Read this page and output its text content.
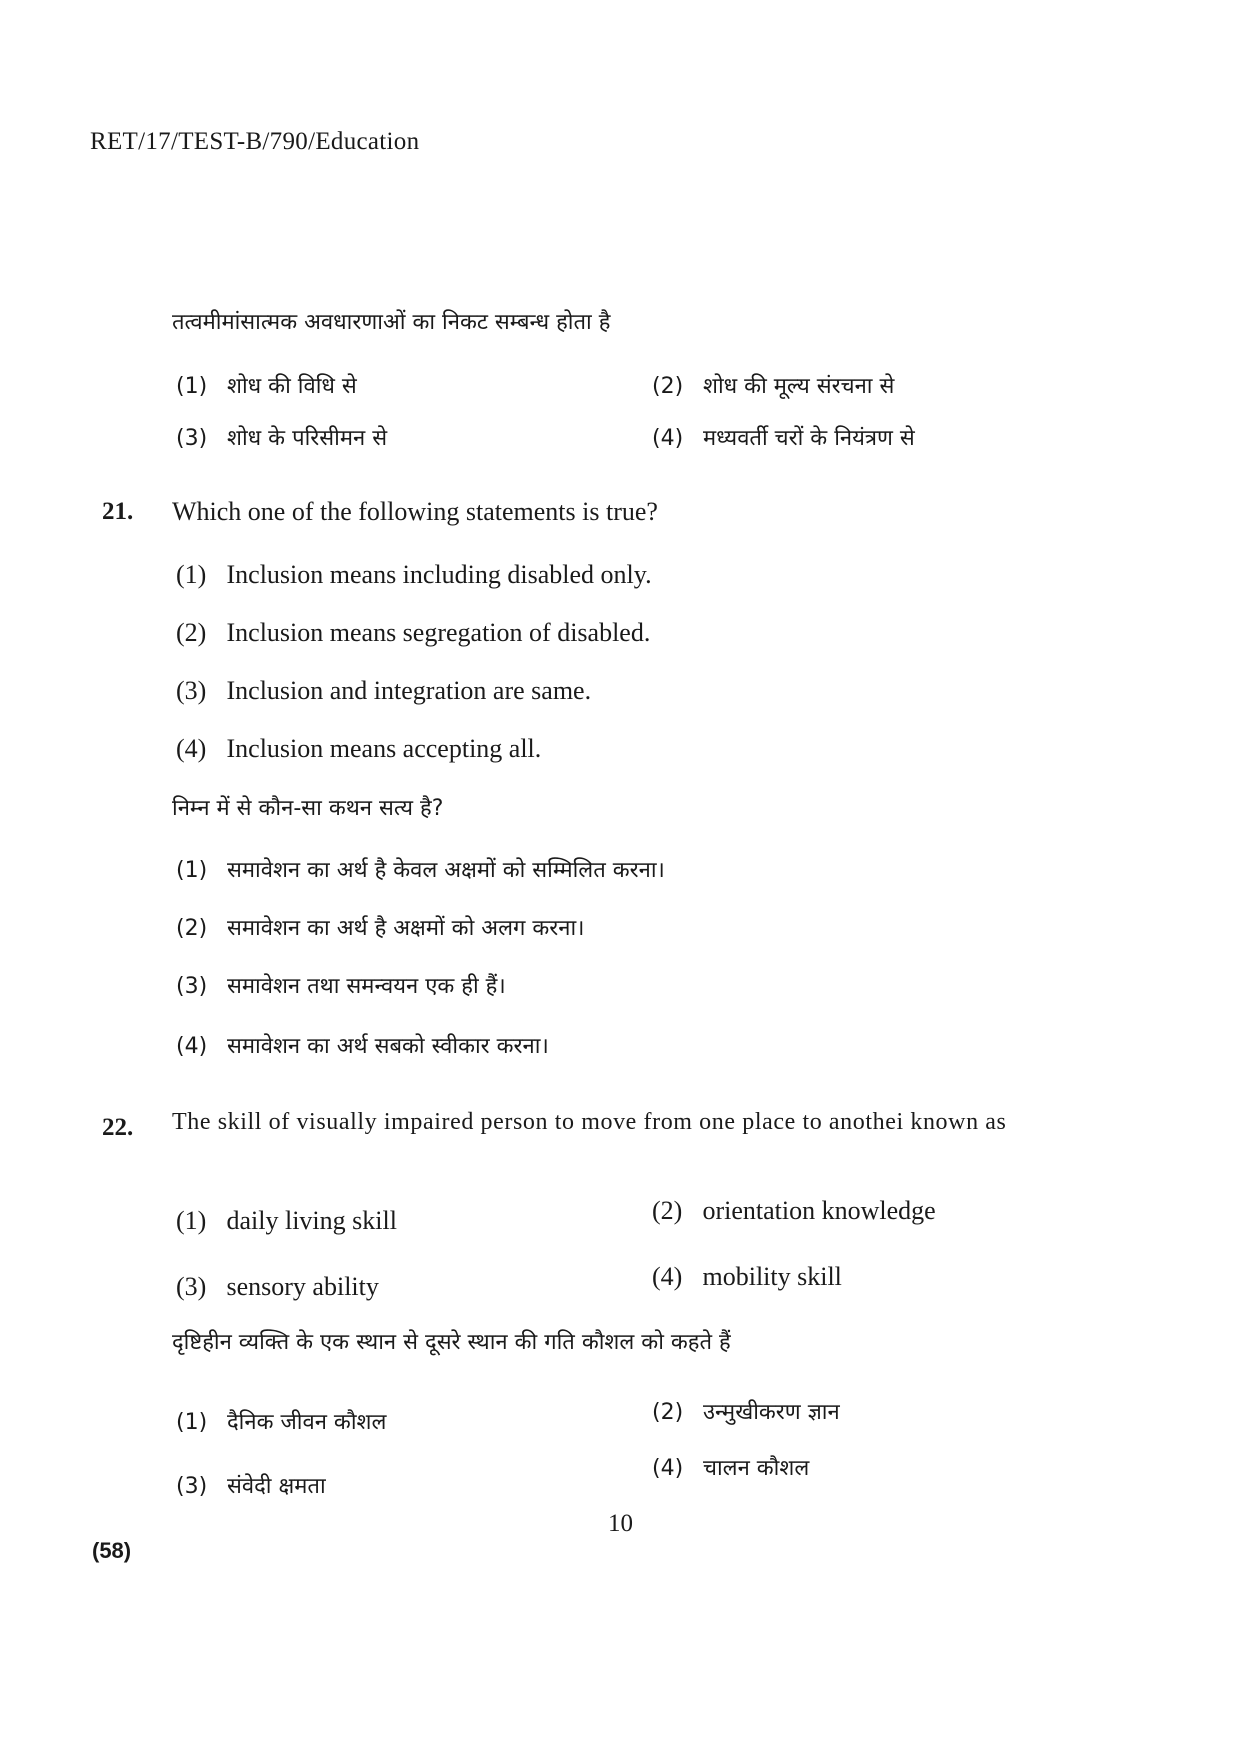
RET/17/TEST-B/790/Education
तत्वमीमांसात्मक अवधारणाओं का निकट सम्बन्ध होता है
(1) शोध की विधि से	(2) शोध की मूल्य संरचना से
(3) शोध के परिसीमन से	(4) मध्यवर्ती चरों के नियंत्रण से
21. Which one of the following statements is true?
(1) Inclusion means including disabled only.
(2) Inclusion means segregation of disabled.
(3) Inclusion and integration are same.
(4) Inclusion means accepting all.
निम्न में से कौन-सा कथन सत्य है?
(1) समावेशन का अर्थ है केवल अक्षमों को सम्मिलित करना।
(2) समावेशन का अर्थ है अक्षमों को अलग करना।
(3) समावेशन तथा समन्वयन एक ही हैं।
(4) समावेशन का अर्थ सबको स्वीकार करना।
22. The skill of visually impaired person to move from one place to anothei known as
(1) daily living skill	(2) orientation knowledge
(3) sensory ability	(4) mobility skill
दृष्टिहीन व्यक्ति के एक स्थान से दूसरे स्थान की गति कौशल को कहते हैं
(1) दैनिक जीवन कौशल	(2) उन्मुखीकरण ज्ञान
(3) संवेदी क्षमता
(4) चालन कौशल
10
(58)
